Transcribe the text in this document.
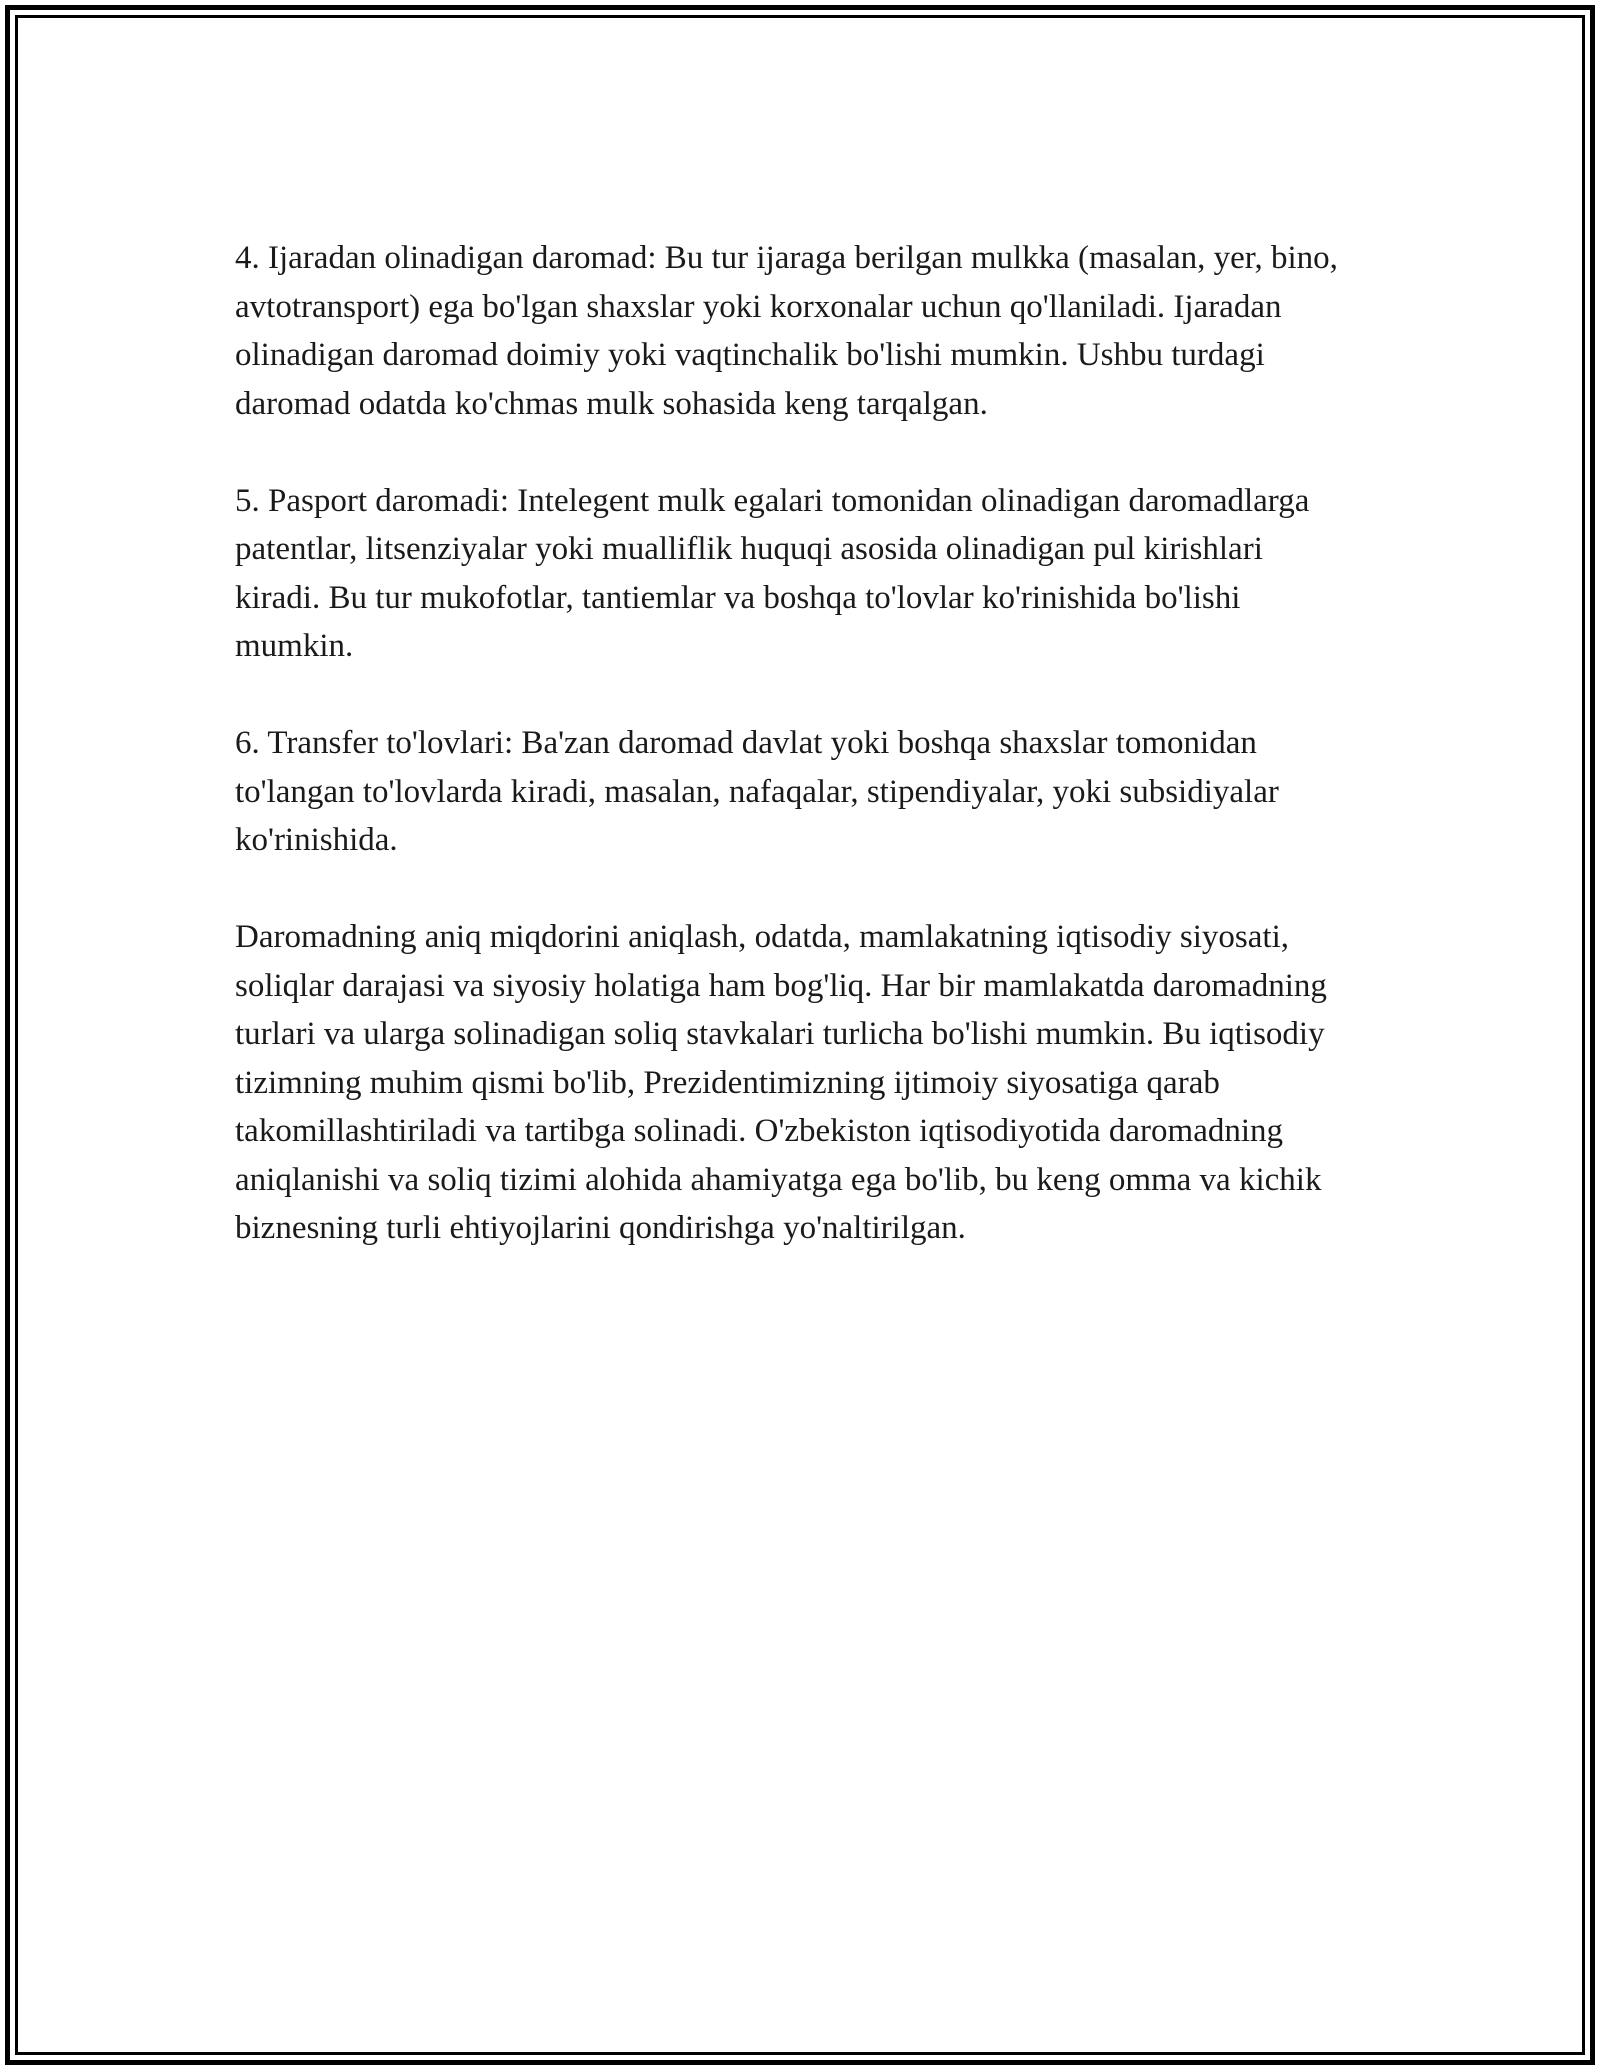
4. Ijaradan olinadigan daromad: Bu tur ijaraga berilgan mulkka (masalan, yer, bino, avtotransport) ega bo'lgan shaxslar yoki korxonalar uchun qo'llaniladi. Ijaradan olinadigan daromad doimiy yoki vaqtinchalik bo'lishi mumkin. Ushbu turdagi daromad odatda ko'chmas mulk sohasida keng tarqalgan.

5. Pasport daromadi: Intelegent mulk egalari tomonidan olinadigan daromadlarga patentlar, litsenziyalar yoki mualliflik huquqi asosida olinadigan pul kirishlari kiradi. Bu tur mukofotlar, tantiemlar va boshqa to'lovlar ko'rinishida bo'lishi mumkin.

6. Transfer to'lovlari: Ba'zan daromad davlat yoki boshqa shaxslar tomonidan to'langan to'lovlarda kiradi, masalan, nafaqalar, stipendiyalar, yoki subsidiyalar ko'rinishida.

Daromadning aniq miqdorini aniqlash, odatda, mamlakatning iqtisodiy siyosati, soliqlar darajasi va siyosiy holatiga ham bog'liq. Har bir mamlakatda daromadning turlari va ularga solinadigan soliq stavkalari turlicha bo'lishi mumkin. Bu iqtisodiy tizimning muhim qismi bo'lib, Prezidentimizning ijtimoiy siyosatiga qarab takomillashtiriladi va tartibga solinadi. O'zbekiston iqtisodiyotida daromadning aniqlanishi va soliq tizimi alohida ahamiyatga ega bo'lib, bu keng omma va kichik biznesning turli ehtiyojlarini qondirishga yo'naltirilgan.
